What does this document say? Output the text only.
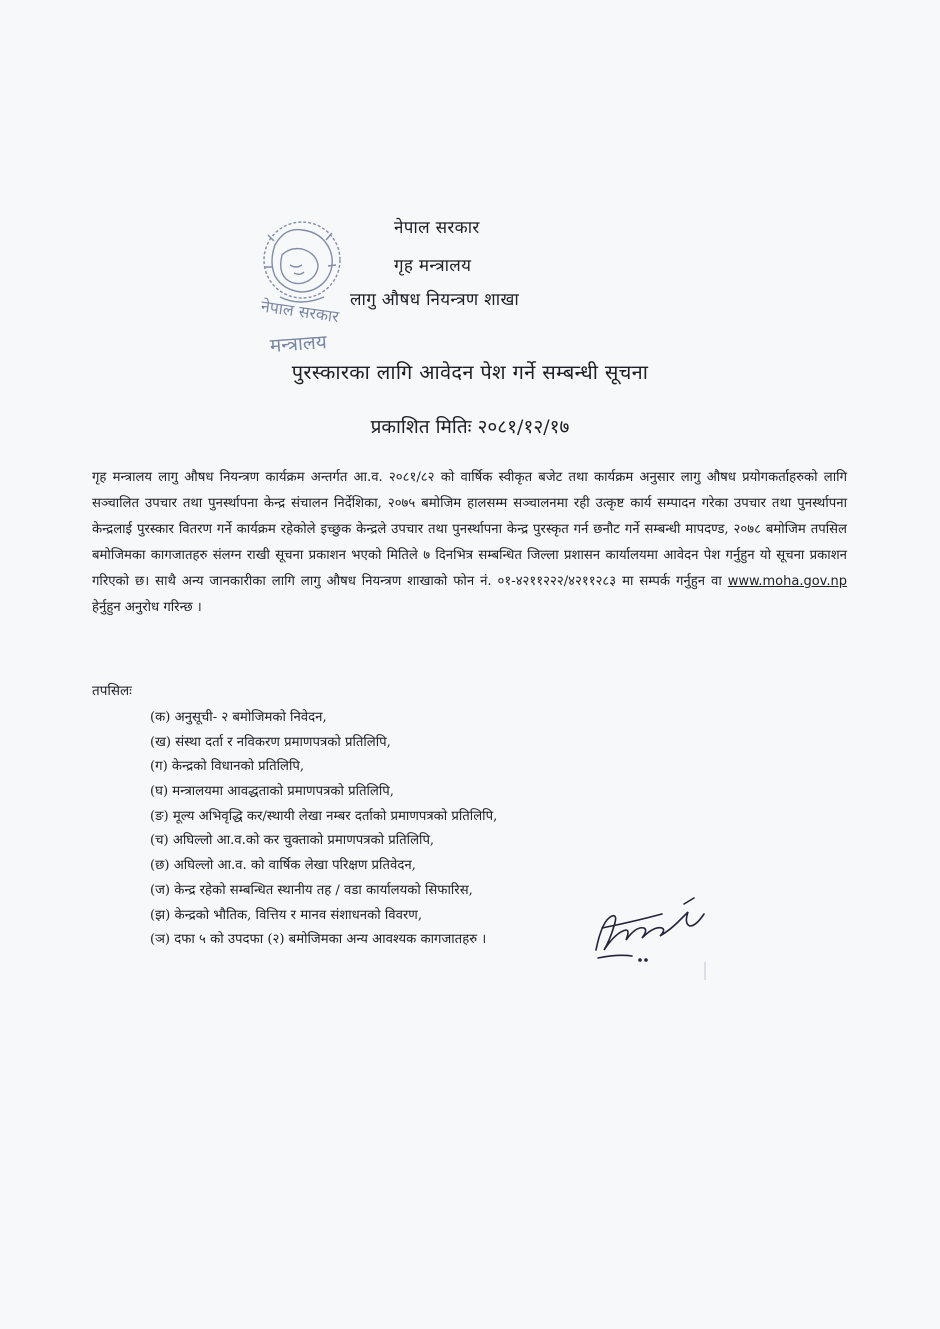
नेपाल सरकार
मन्त्रालय
नेपाल सरकार
गृह मन्त्रालय
लागु औषध नियन्त्रण शाखा
पुरस्कारका लागि आवेदन पेश गर्ने सम्बन्धी सूचना
प्रकाशित मितिः २०८१/१२/१७
गृह मन्त्रालय लागु औषध नियन्त्रण कार्यक्रम अन्तर्गत आ.व. २०८१/८२ को वार्षिक स्वीकृत बजेट तथा कार्यक्रम अनुसार लागु औषध प्रयोगकर्ताहरुको लागि सञ्चालित उपचार तथा पुनर्स्थापना केन्द्र संचालन निर्देशिका, २०७५ बमोजिम हालसम्म सञ्चालनमा रही उत्कृष्ट कार्य सम्पादन गरेका उपचार तथा पुनर्स्थापना केन्द्रलाई पुरस्कार वितरण गर्ने कार्यक्रम रहेकोले इच्छुक केन्द्रले उपचार तथा पुनर्स्थापना केन्द्र पुरस्कृत गर्न छनौट गर्ने सम्बन्धी मापदण्ड, २०७८ बमोजिम तपसिल बमोजिमका कागजातहरु संलग्न राखी सूचना प्रकाशन भएको मितिले ७ दिनभित्र सम्बन्धित जिल्ला प्रशासन कार्यालयमा आवेदन पेश गर्नुहुन यो सूचना प्रकाशन गरिएको छ। साथै अन्य जानकारीका लागि लागु औषध नियन्त्रण शाखाको फोन नं. ०१-४२११२२२/४२११२८३ मा सम्पर्क गर्नुहुन वा www.moha.gov.np हेर्नुहुन अनुरोध गरिन्छ ।
तपसिलः
(क) अनुसूची- २ बमोजिमको निवेदन,
(ख) संस्था दर्ता र नविकरण प्रमाणपत्रको प्रतिलिपि,
(ग) केन्द्रको विधानको प्रतिलिपि,
(घ) मन्त्रालयमा आवद्धताको प्रमाणपत्रको प्रतिलिपि,
(ङ) मूल्य अभिवृद्धि कर/स्थायी लेखा नम्बर दर्ताको प्रमाणपत्रको प्रतिलिपि,
(च) अघिल्लो आ.व.को कर चुक्ताको प्रमाणपत्रको प्रतिलिपि,
(छ) अघिल्लो आ.व. को वार्षिक लेखा परिक्षण प्रतिवेदन,
(ज) केन्द्र रहेको सम्बन्धित स्थानीय तह / वडा कार्यालयको सिफारिस,
(झ) केन्द्रको भौतिक, वित्तिय र मानव संशाधनको विवरण,
(ञ) दफा ५ को उपदफा (२) बमोजिमका अन्य आवश्यक कागजातहरु ।
